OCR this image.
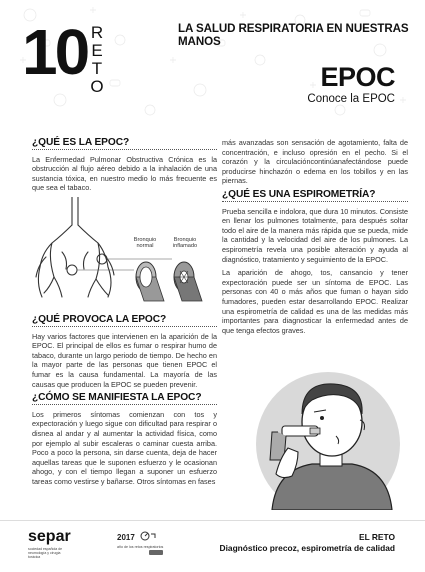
10 R
E
T
O
LA SALUD RESPIRATORIA EN NUESTRAS MANOS
EPOC
Conoce la EPOC
¿QUÉ ES LA EPOC?

La Enfermedad Pulmonar Obstructiva Crónica es la obstrucción al flujo aéreo debido a la inhalación de una sustancia tóxica, en nuestro medio lo más frecuente es que sea el tabaco.

Bronquio normal
Bronquio inflamado
¿QUÉ PROVOCA LA EPOC?

Hay varios factores que intervienen en la aparición de la EPOC. El principal de ellos es fumar o respirar humo de tabaco, durante un largo periodo de tiempo. De hecho en la mayor parte de las personas que tienen EPOC el fumar es la causa fundamental. La mayoría de las causas que producen la EPOC se pueden prevenir.

¿CÓMO SE MANIFIESTA LA EPOC?

Los primeros síntomas comienzan con tos y expectoración y luego sigue con dificultad para respirar o disnea al andar y al aumentar la actividad física, como por ejemplo al subir escaleras o caminar cuesta arriba. Poco a poco la persona, sin darse cuenta, deja de hacer aquellas tareas que le suponen esfuerzo y le ocasionan ahogo, y con el tiempo llegan a suponer un esfuerzo tareas como vestirse y bañarse. Otros síntomas en fases

más avanzadas son sensación de agotamiento, falta de concentración, e incluso opresión en el pecho. Si el corazón y la circulacióncontinúanafectándose puede producirse hinchazón o edema en los tobillos y en las piernas.

¿QUÉ ES UNA ESPIROMETRÍA?

Prueba sencilla e indolora, que dura 10 minutos. Consiste en llenar los pulmones totalmente, para después soltar todo el aire de la manera más rápida que se pueda, mide la cantidad y la velocidad del aire de los pulmones. La espirometría revela una posible alteración y ayuda al diagnóstico, tratamiento y seguimiento de la EPOC.

La aparición de ahogo, tos, cansancio y tener expectoración puede ser un síntoma de EPOC. Las personas con 40 o más años que fuman o hayan sido fumadores, pueden estar desarrollando EPOC. Realizar una espirometría de calidad es una de las medidas más importantes para diagnosticar la enfermedad antes de que tenga efectos graves.

separ
sociedad española de neumología y cirugía torácica
2017
año de los retos respiratorios
EL RETO
Diagnóstico precoz, espirometría de calidad
